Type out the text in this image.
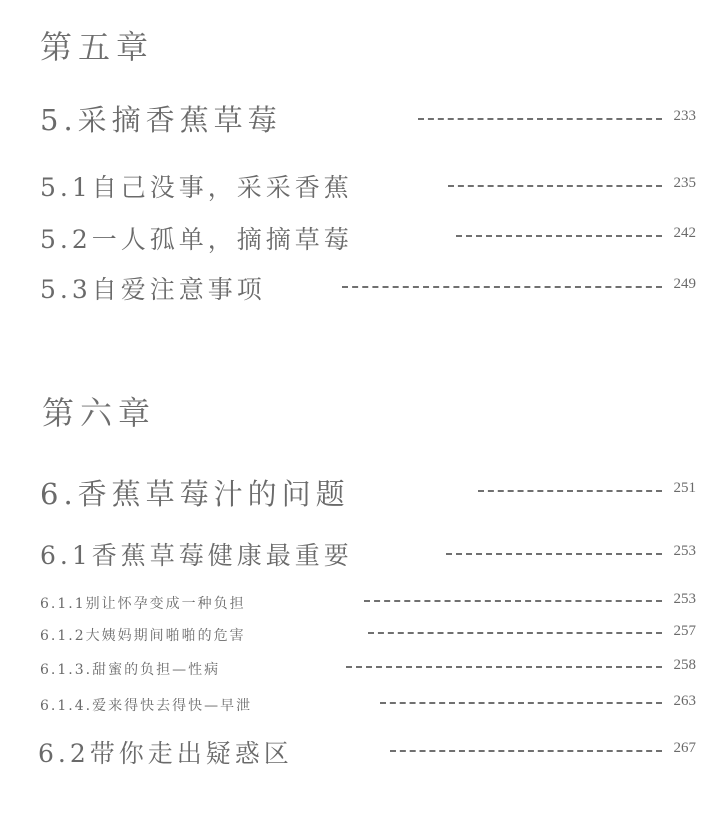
第五章
5.采摘香蕉草莓	233
5.1自己没事，采采香蕉	235
5.2一人孤单，摘摘草莓	242
5.3自爱注意事项	249
第六章
6.香蕉草莓汁的问题	251
6.1香蕉草莓健康最重要	253
6.1.1别让怀孕变成一种负担	253
6.1.2大姨妈期间啪啪的危害	257
6.1.3.甜蜜的负担—性病	258
6.1.4.爱来得快去得快—早泄	263
6.2带你走出疑惑区	267
